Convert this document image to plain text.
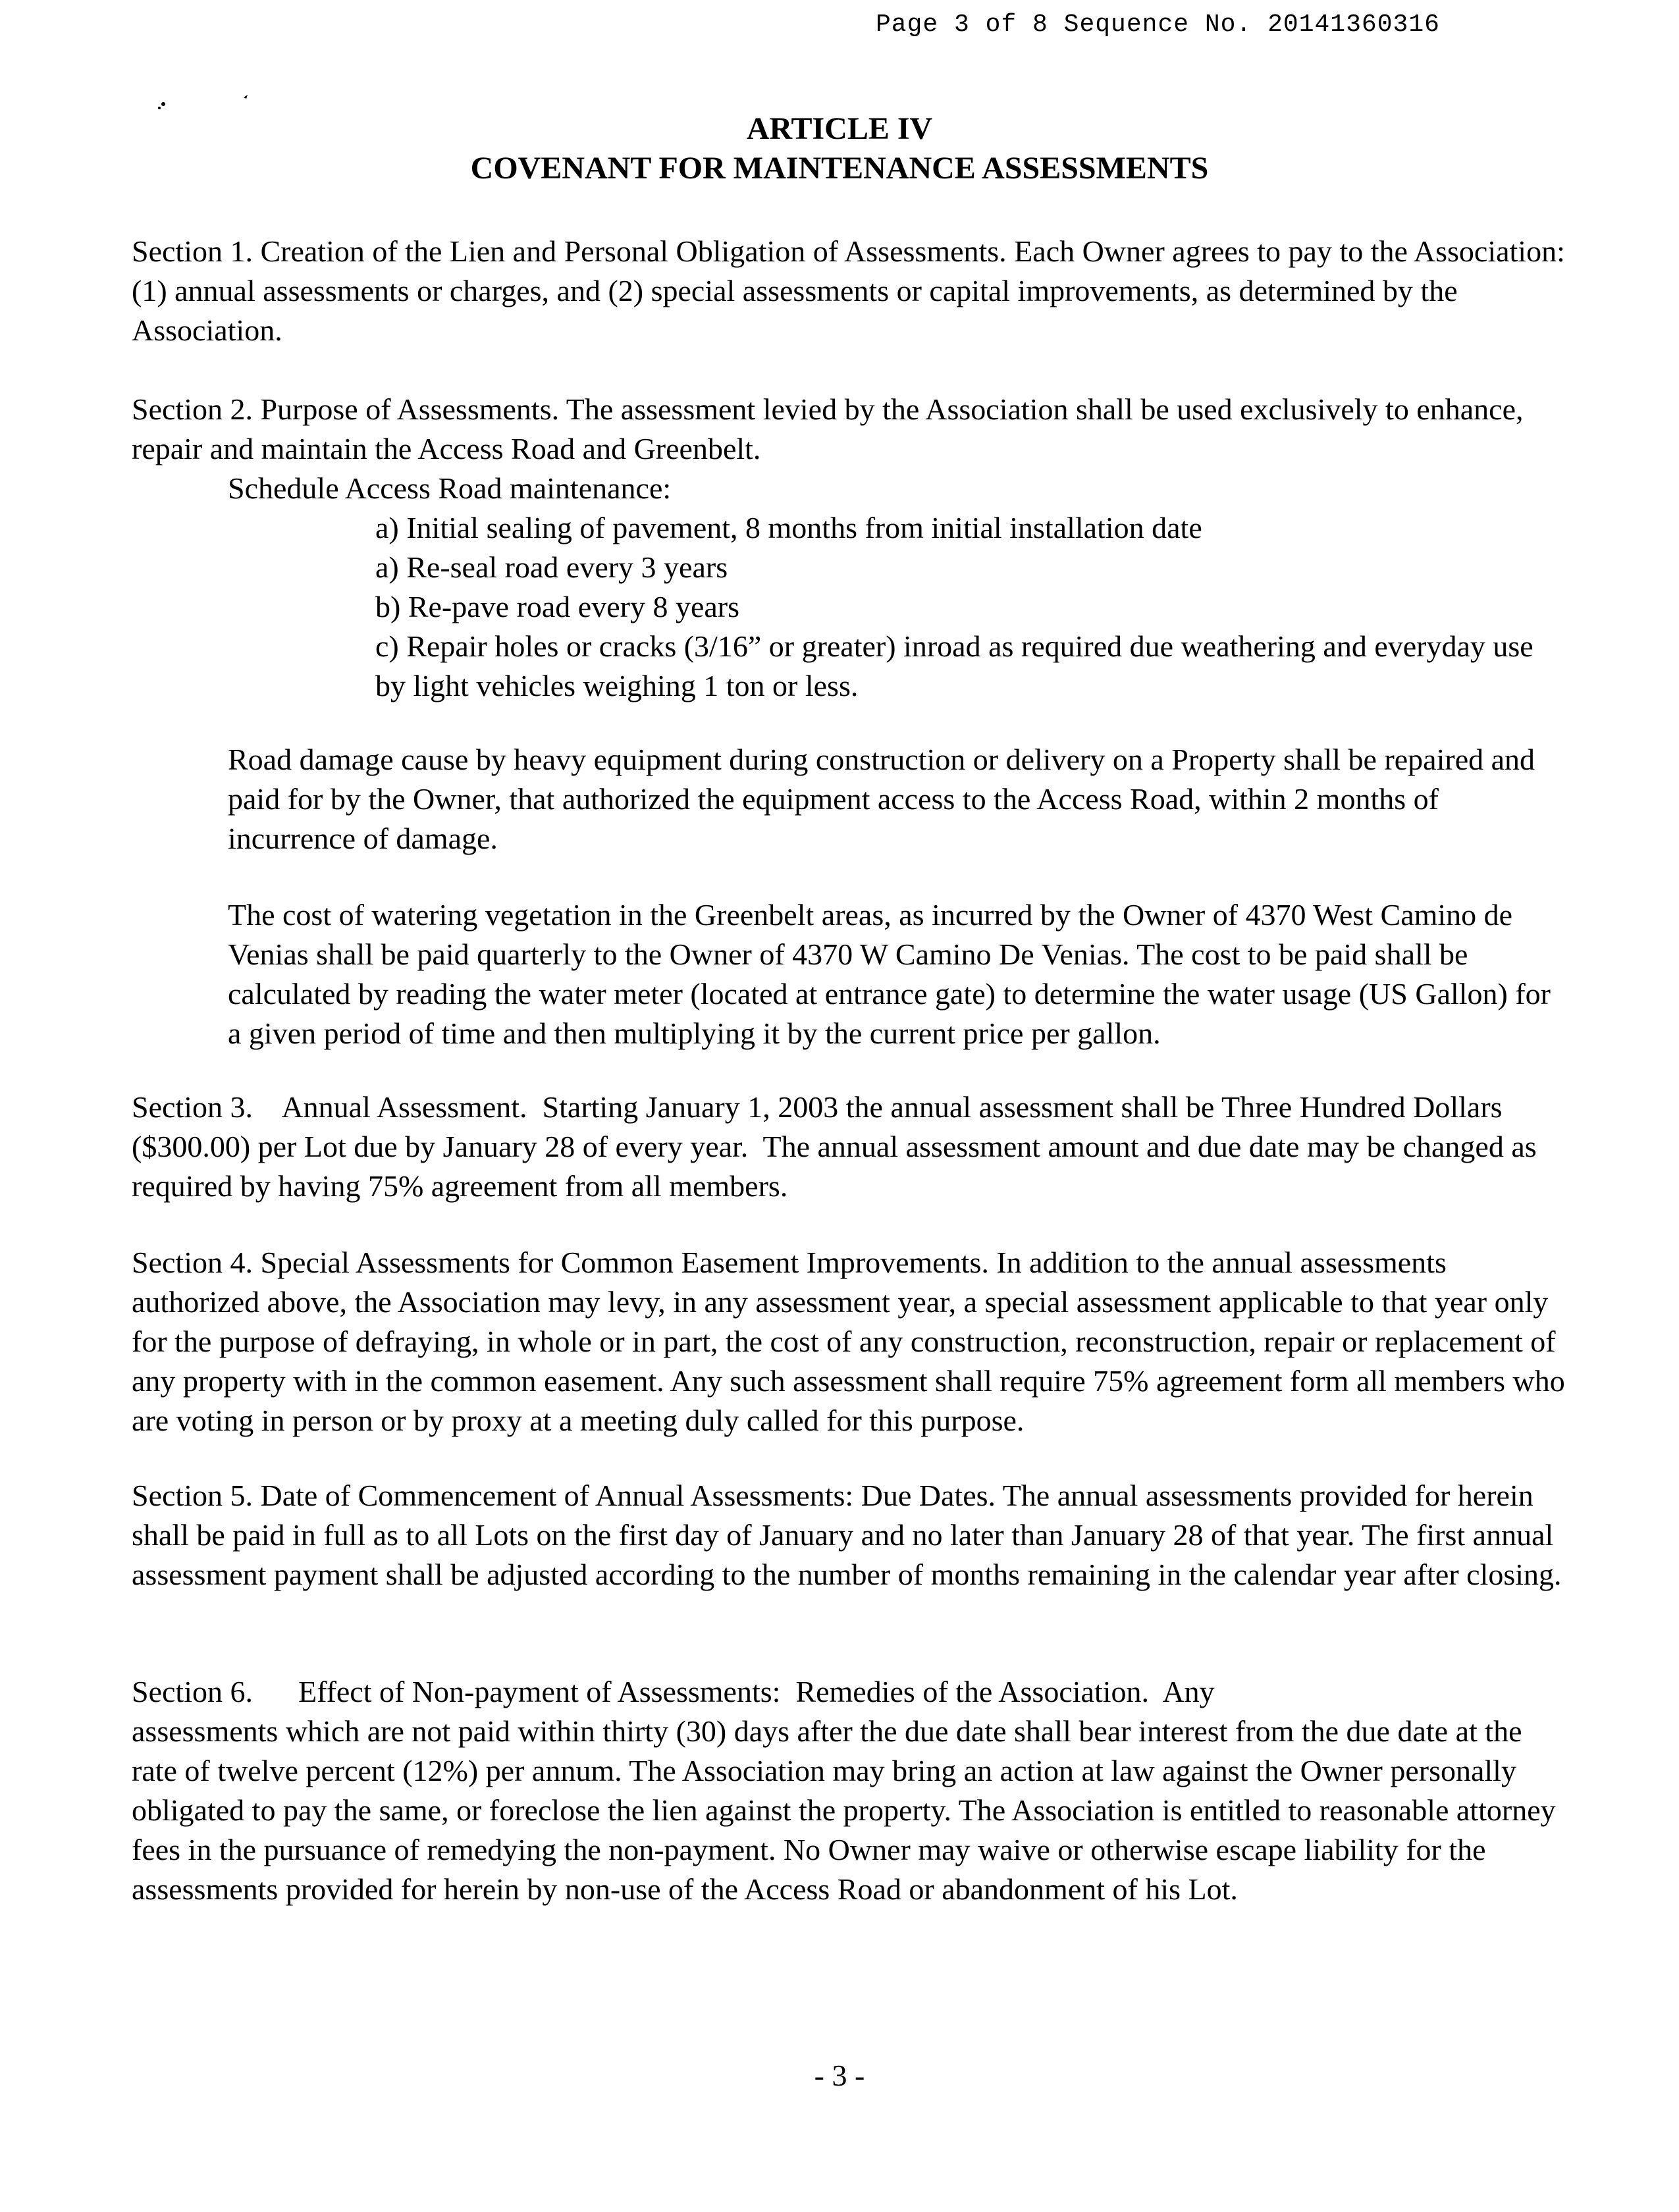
Page 3 of 8 Sequence No. 20141360316
ARTICLE IV
COVENANT FOR MAINTENANCE ASSESSMENTS

Section 1. Creation of the Lien and Personal Obligation of Assessments. Each Owner agrees to pay to the Association: (1) annual assessments or charges, and (2) special assessments or capital improvements, as determined by the Association.

Section 2. Purpose of Assessments. The assessment levied by the Association shall be used exclusively to enhance, repair and maintain the Access Road and Greenbelt.

Schedule Access Road maintenance:

a) Initial sealing of pavement, 8 months from initial installation date

a) Re-seal road every 3 years

b) Re-pave road every 8 years

c) Repair holes or cracks (3/16” or greater) inroad as required due weathering and everyday use by light vehicles weighing 1 ton or less.

Road damage cause by heavy equipment during construction or delivery on a Property shall be repaired and paid for by the Owner, that authorized the equipment access to the Access Road, within 2 months of incurrence of damage.

The cost of watering vegetation in the Greenbelt areas, as incurred by the Owner of 4370 West Camino de Venias shall be paid quarterly to the Owner of 4370 W Camino De Venias. The cost to be paid shall be calculated by reading the water meter (located at entrance gate) to determine the water usage (US Gallon) for a given period of time and then multiplying it by the current price per gallon.

Section 3.    Annual Assessment.  Starting January 1, 2003 the annual assessment shall be Three Hundred Dollars ($300.00) per Lot due by January 28 of every year.  The annual assessment amount and due date may be changed as required by having 75% agreement from all members.

Section 4. Special Assessments for Common Easement Improvements. In addition to the annual assessments authorized above, the Association may levy, in any assessment year, a special assessment applicable to that year only for the purpose of defraying, in whole or in part, the cost of any construction, reconstruction, repair or replacement of any property with in the common easement. Any such assessment shall require 75% agreement form all members who are voting in person or by proxy at a meeting duly called for this purpose.

Section 5. Date of Commencement of Annual Assessments: Due Dates. The annual assessments provided for herein shall be paid in full as to all Lots on the first day of January and no later than January 28 of that year. The first annual assessment payment shall be adjusted according to the number of months remaining in the calendar year after closing.

Section 6.      Effect of Non-payment of Assessments:  Remedies of the Association.  Any

assessments which are not paid within thirty (30) days after the due date shall bear interest from the due date at the rate of twelve percent (12%) per annum. The Association may bring an action at law against the Owner personally obligated to pay the same, or foreclose the lien against the property. The Association is entitled to reasonable attorney fees in the pursuance of remedying the non-payment. No Owner may waive or otherwise escape liability for the assessments provided for herein by non-use of the Access Road or abandonment of his Lot.

- 3 -
